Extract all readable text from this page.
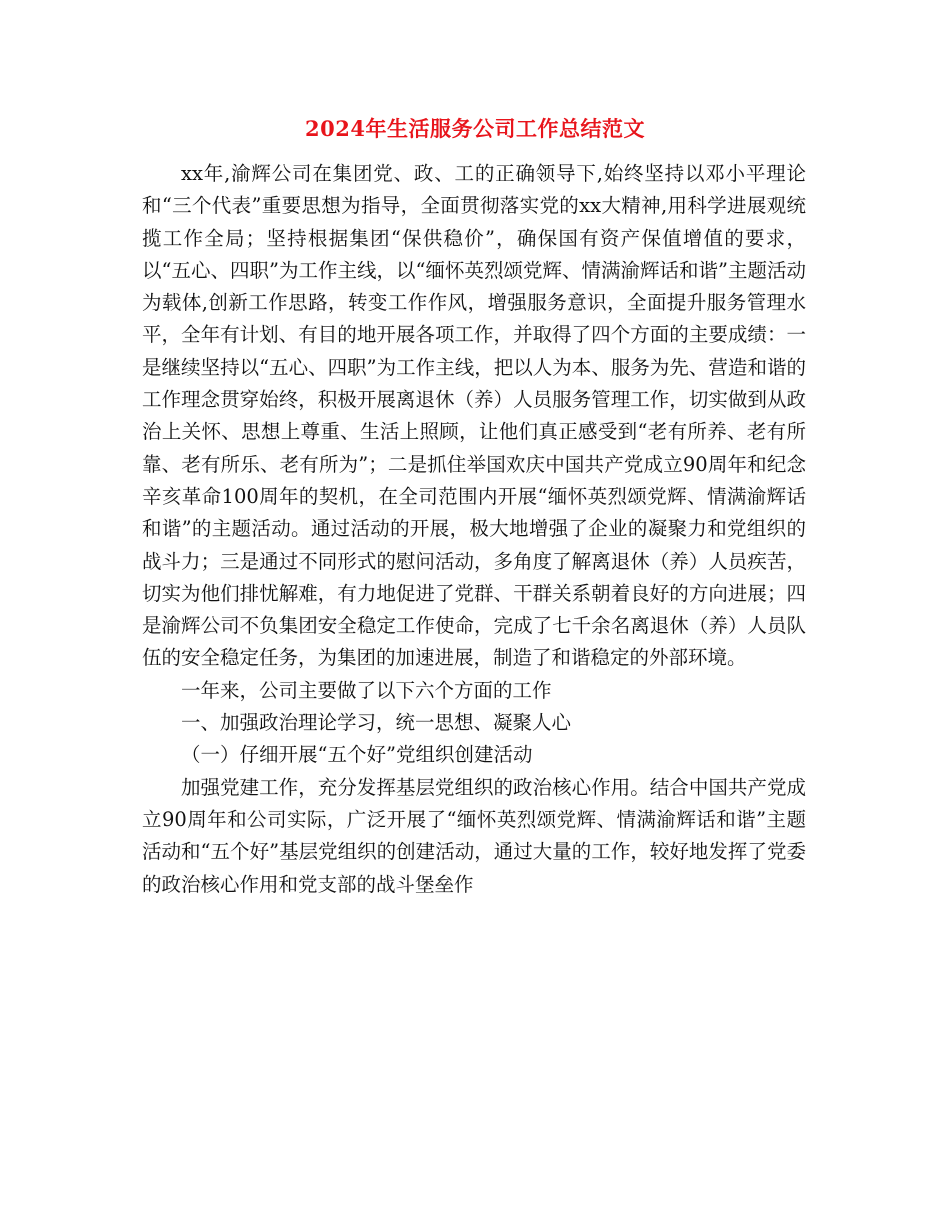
2024年生活服务公司工作总结范文

xx年,渝辉公司在集团党、政、工的正确领导下,始终坚持以邓小平理论和“三个代表”重要思想为指导，全面贯彻落实党的xx大精神,用科学进展观统揽工作全局；坚持根据集团“保供稳价”，确保国有资产保值增值的要求，以“五心、四职”为工作主线，以“缅怀英烈颂党辉、情满渝辉话和谐”主题活动为载体,创新工作思路，转变工作作风，增强服务意识，全面提升服务管理水平，全年有计划、有目的地开展各项工作，并取得了四个方面的主要成绩：一是继续坚持以“五心、四职”为工作主线，把以人为本、服务为先、营造和谐的工作理念贯穿始终，积极开展离退休（养）人员服务管理工作，切实做到从政治上关怀、思想上尊重、生活上照顾，让他们真正感受到“老有所养、老有所靠、老有所乐、老有所为”；二是抓住举国欢庆中国共产党成立90周年和纪念辛亥革命100周年的契机，在全司范围内开展“缅怀英烈颂党辉、情满渝辉话和谐”的主题活动。通过活动的开展，极大地增强了企业的凝聚力和党组织的战斗力；三是通过不同形式的慰问活动，多角度了解离退休（养）人员疾苦，切实为他们排忧解难，有力地促进了党群、干群关系朝着良好的方向进展；四是渝辉公司不负集团安全稳定工作使命，完成了七千余名离退休（养）人员队伍的安全稳定任务，为集团的加速进展，制造了和谐稳定的外部环境。

一年来，公司主要做了以下六个方面的工作

一、加强政治理论学习，统一思想、凝聚人心

（一）仔细开展“五个好”党组织创建活动

加强党建工作，充分发挥基层党组织的政治核心作用。结合中国共产党成立90周年和公司实际，广泛开展了“缅怀英烈颂党辉、情满渝辉话和谐”主题活动和“五个好”基层党组织的创建活动，通过大量的工作，较好地发挥了党委的政治核心作用和党支部的战斗堡垒作
